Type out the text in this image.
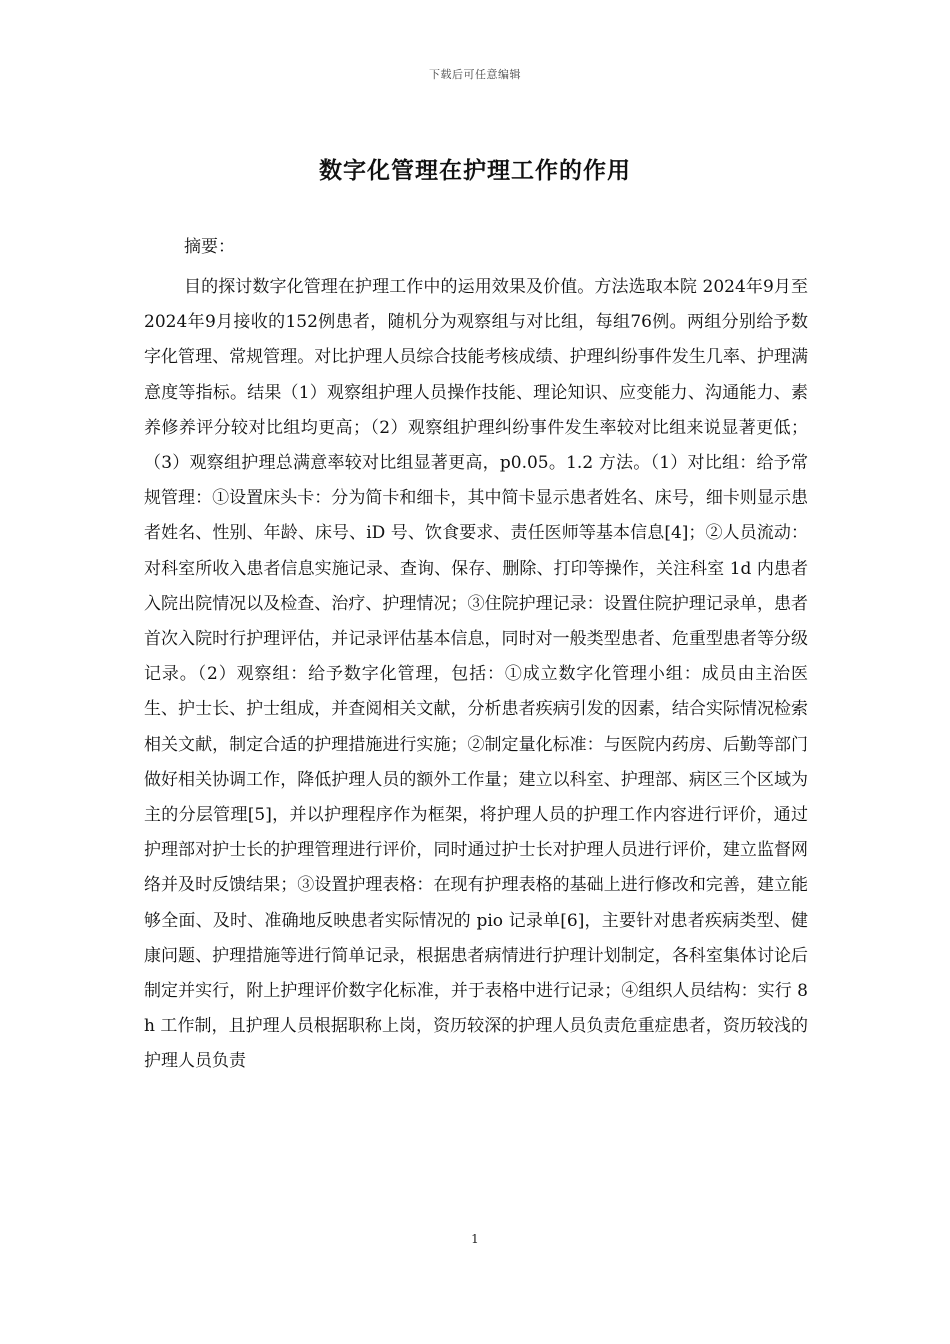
下载后可任意编辑
数字化管理在护理工作的作用
摘要：

目的探讨数字化管理在护理工作中的运用效果及价值。方法选取本院 2024年9月至2024年9月接收的152例患者，随机分为观察组与对比组，每组76例。两组分别给予数字化管理、常规管理。对比护理人员综合技能考核成绩、护理纠纷事件发生几率、护理满意度等指标。结果（1）观察组护理人员操作技能、理论知识、应变能力、沟通能力、素养修养评分较对比组均更高；（2）观察组护理纠纷事件发生率较对比组来说显著更低；（3）观察组护理总满意率较对比组显著更高，p0.05。1.2 方法。（1）对比组：给予常规管理：①设置床头卡：分为简卡和细卡，其中简卡显示患者姓名、床号，细卡则显示患者姓名、性别、年龄、床号、iD 号、饮食要求、责任医师等基本信息[4]；②人员流动：对科室所收入患者信息实施记录、查询、保存、删除、打印等操作，关注科室 1d 内患者入院出院情况以及检查、治疗、护理情况；③住院护理记录：设置住院护理记录单，患者首次入院时行护理评估，并记录评估基本信息，同时对一般类型患者、危重型患者等分级记录。（2）观察组：给予数字化管理，包括：①成立数字化管理小组：成员由主治医生、护士长、护士组成，并查阅相关文献，分析患者疾病引发的因素，结合实际情况检索相关文献，制定合适的护理措施进行实施；②制定量化标准：与医院内药房、后勤等部门做好相关协调工作，降低护理人员的额外工作量；建立以科室、护理部、病区三个区域为主的分层管理[5]，并以护理程序作为框架，将护理人员的护理工作内容进行评价，通过护理部对护士长的护理管理进行评价，同时通过护士长对护理人员进行评价，建立监督网络并及时反馈结果；③设置护理表格：在现有护理表格的基础上进行修改和完善，建立能够全面、及时、准确地反映患者实际情况的 pio 记录单[6]，主要针对患者疾病类型、健康问题、护理措施等进行简单记录，根据患者病情进行护理计划制定，各科室集体讨论后制定并实行，附上护理评价数字化标准，并于表格中进行记录；④组织人员结构：实行 8h 工作制，且护理人员根据职称上岗，资历较深的护理人员负责危重症患者，资历较浅的护理人员负责

1
